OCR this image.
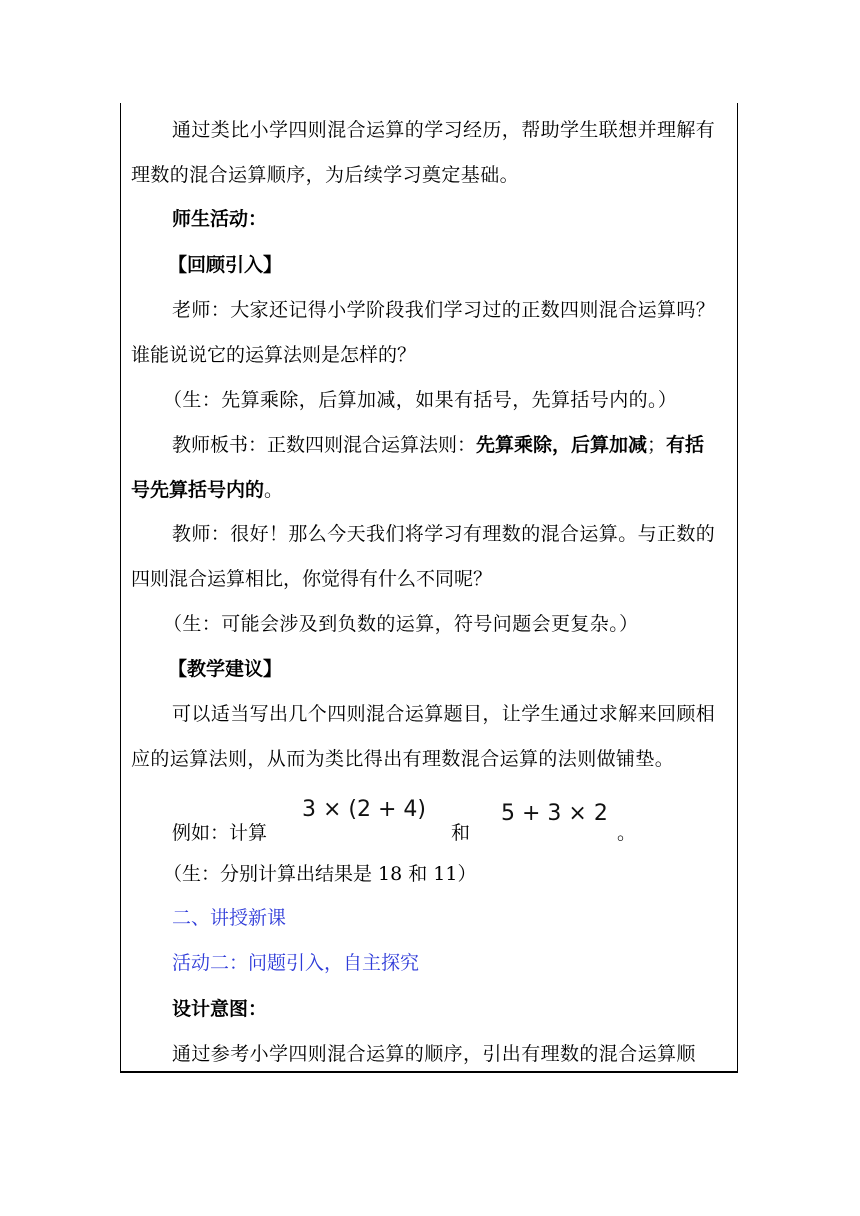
通过类比小学四则混合运算的学习经历，帮助学生联想并理解有
理数的混合运算顺序，为后续学习奠定基础。
师生活动：
【回顾引入】
老师：大家还记得小学阶段我们学习过的正数四则混合运算吗？
谁能说说它的运算法则是怎样的？
（生：先算乘除，后算加减，如果有括号，先算括号内的。）
教师板书：正数四则混合运算法则：先算乘除，后算加减；有括
号先算括号内的。
教师：很好！那么今天我们将学习有理数的混合运算。与正数的
四则混合运算相比，你觉得有什么不同呢？
（生：可能会涉及到负数的运算，符号问题会更复杂。）
【教学建议】
可以适当写出几个四则混合运算题目，让学生通过求解来回顾相
应的运算法则，从而为类比得出有理数混合运算的法则做铺垫。
例如：计算
3 × (2 + 4)
和
5 + 3 × 2
。
（生：分别计算出结果是 18 和 11）
二、讲授新课
活动二：问题引入，自主探究
设计意图：
通过参考小学四则混合运算的顺序，引出有理数的混合运算顺
